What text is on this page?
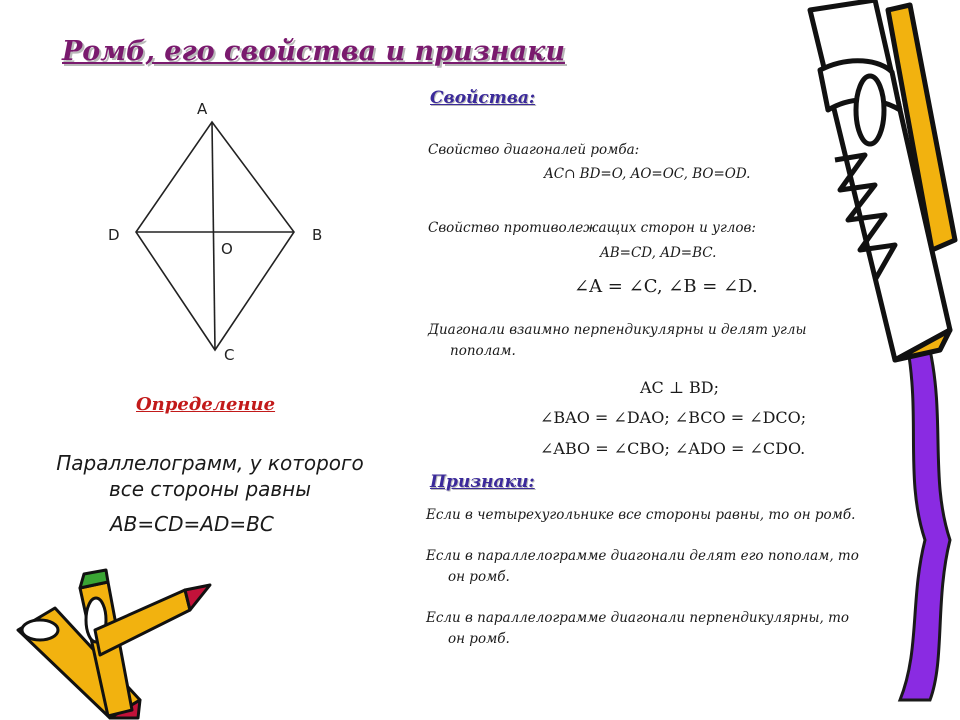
Ромб, его свойства и признаки
A
B
C
D
O
Определение
Параллелограмм, у которого
все стороны равны
AB=CD=AD=BC
Свойства:
Свойство диагоналей ромба:
AC∩ BD=O, AO=OC, BO=OD.
Свойство противолежащих сторон и углов:
AB=CD, AD=BC.
∠A = ∠C, ∠B = ∠D.
Диагонали взаимно перпендикулярны и делят углы
пополам.
AC ⊥ BD;
∠BAO = ∠DAO; ∠BCO = ∠DCO;
∠ABO = ∠CBO; ∠ADO = ∠CDO.
Признаки:
Если в четырехугольнике все стороны равны, то он ромб.
Если в параллелограмме диагонали делят его пополам, то
он ромб.
Если в параллелограмме диагонали перпендикулярны, то
он ромб.
